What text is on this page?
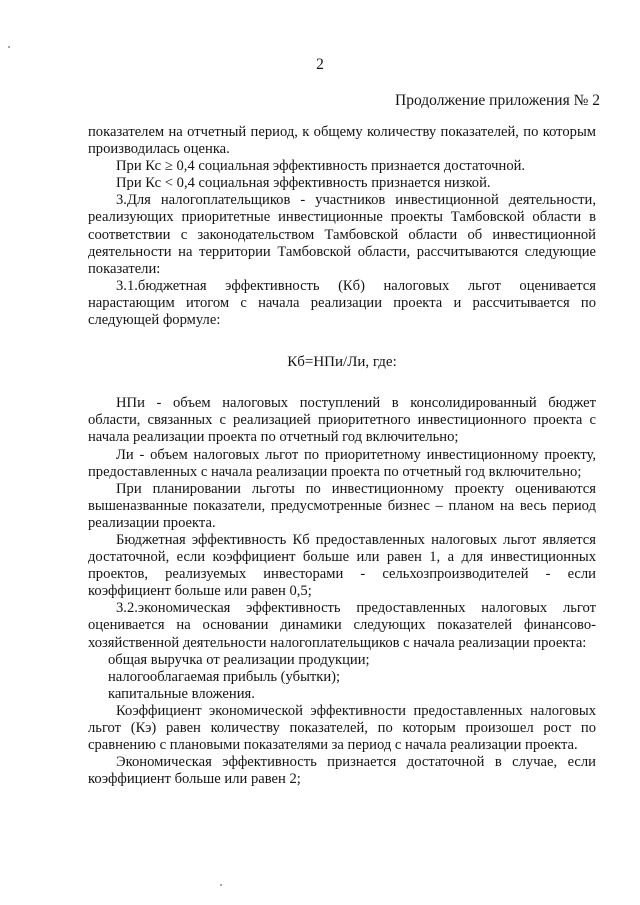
2
Продолжение приложения № 2

показателем на отчетный период, к общему количеству показателей, по которым производилась оценка.

При Кс ≥ 0,4 социальная эффективность признается достаточной.

При Кс < 0,4 социальная эффективность признается низкой.

3.Для налогоплательщиков - участников инвестиционной деятельности, реализующих приоритетные инвестиционные проекты Тамбовской области в соответствии с законодательством Тамбовской области об инвестиционной деятельности на территории Тамбовской области, рассчитываются следующие показатели:

3.1.бюджетная эффективность (Кб) налоговых льгот оценивается нарастающим итогом с начала реализации проекта и рассчитывается по следующей формуле:

Кб=НПи/Ли, где:

НПи - объем налоговых поступлений в консолидированный бюджет области, связанных с реализацией приоритетного инвестиционного проекта с начала реализации проекта по отчетный год включительно;

Ли - объем налоговых льгот по приоритетному инвестиционному проекту, предоставленных с начала реализации проекта по отчетный год включительно;

При планировании льготы по инвестиционному проекту оцениваются вышеназванные показатели, предусмотренные бизнес – планом на весь период реализации проекта.

Бюджетная эффективность Кб предоставленных налоговых льгот является достаточной, если коэффициент больше или равен 1, а для инвестиционных проектов, реализуемых инвесторами - сельхозпроизводителей - если коэффициент больше или равен 0,5;

3.2.экономическая эффективность предоставленных налоговых льгот оценивается на основании динамики следующих показателей финансово-хозяйственной деятельности налогоплательщиков с начала реализации проекта:

общая выручка от реализации продукции;

налогооблагаемая прибыль (убытки);

капитальные вложения.

Коэффициент экономической эффективности предоставленных налоговых льгот (Кэ) равен количеству показателей, по которым произошел рост по сравнению с плановыми показателями за период с начала реализации проекта.

Экономическая эффективность признается достаточной в случае, если коэффициент больше или равен 2;
